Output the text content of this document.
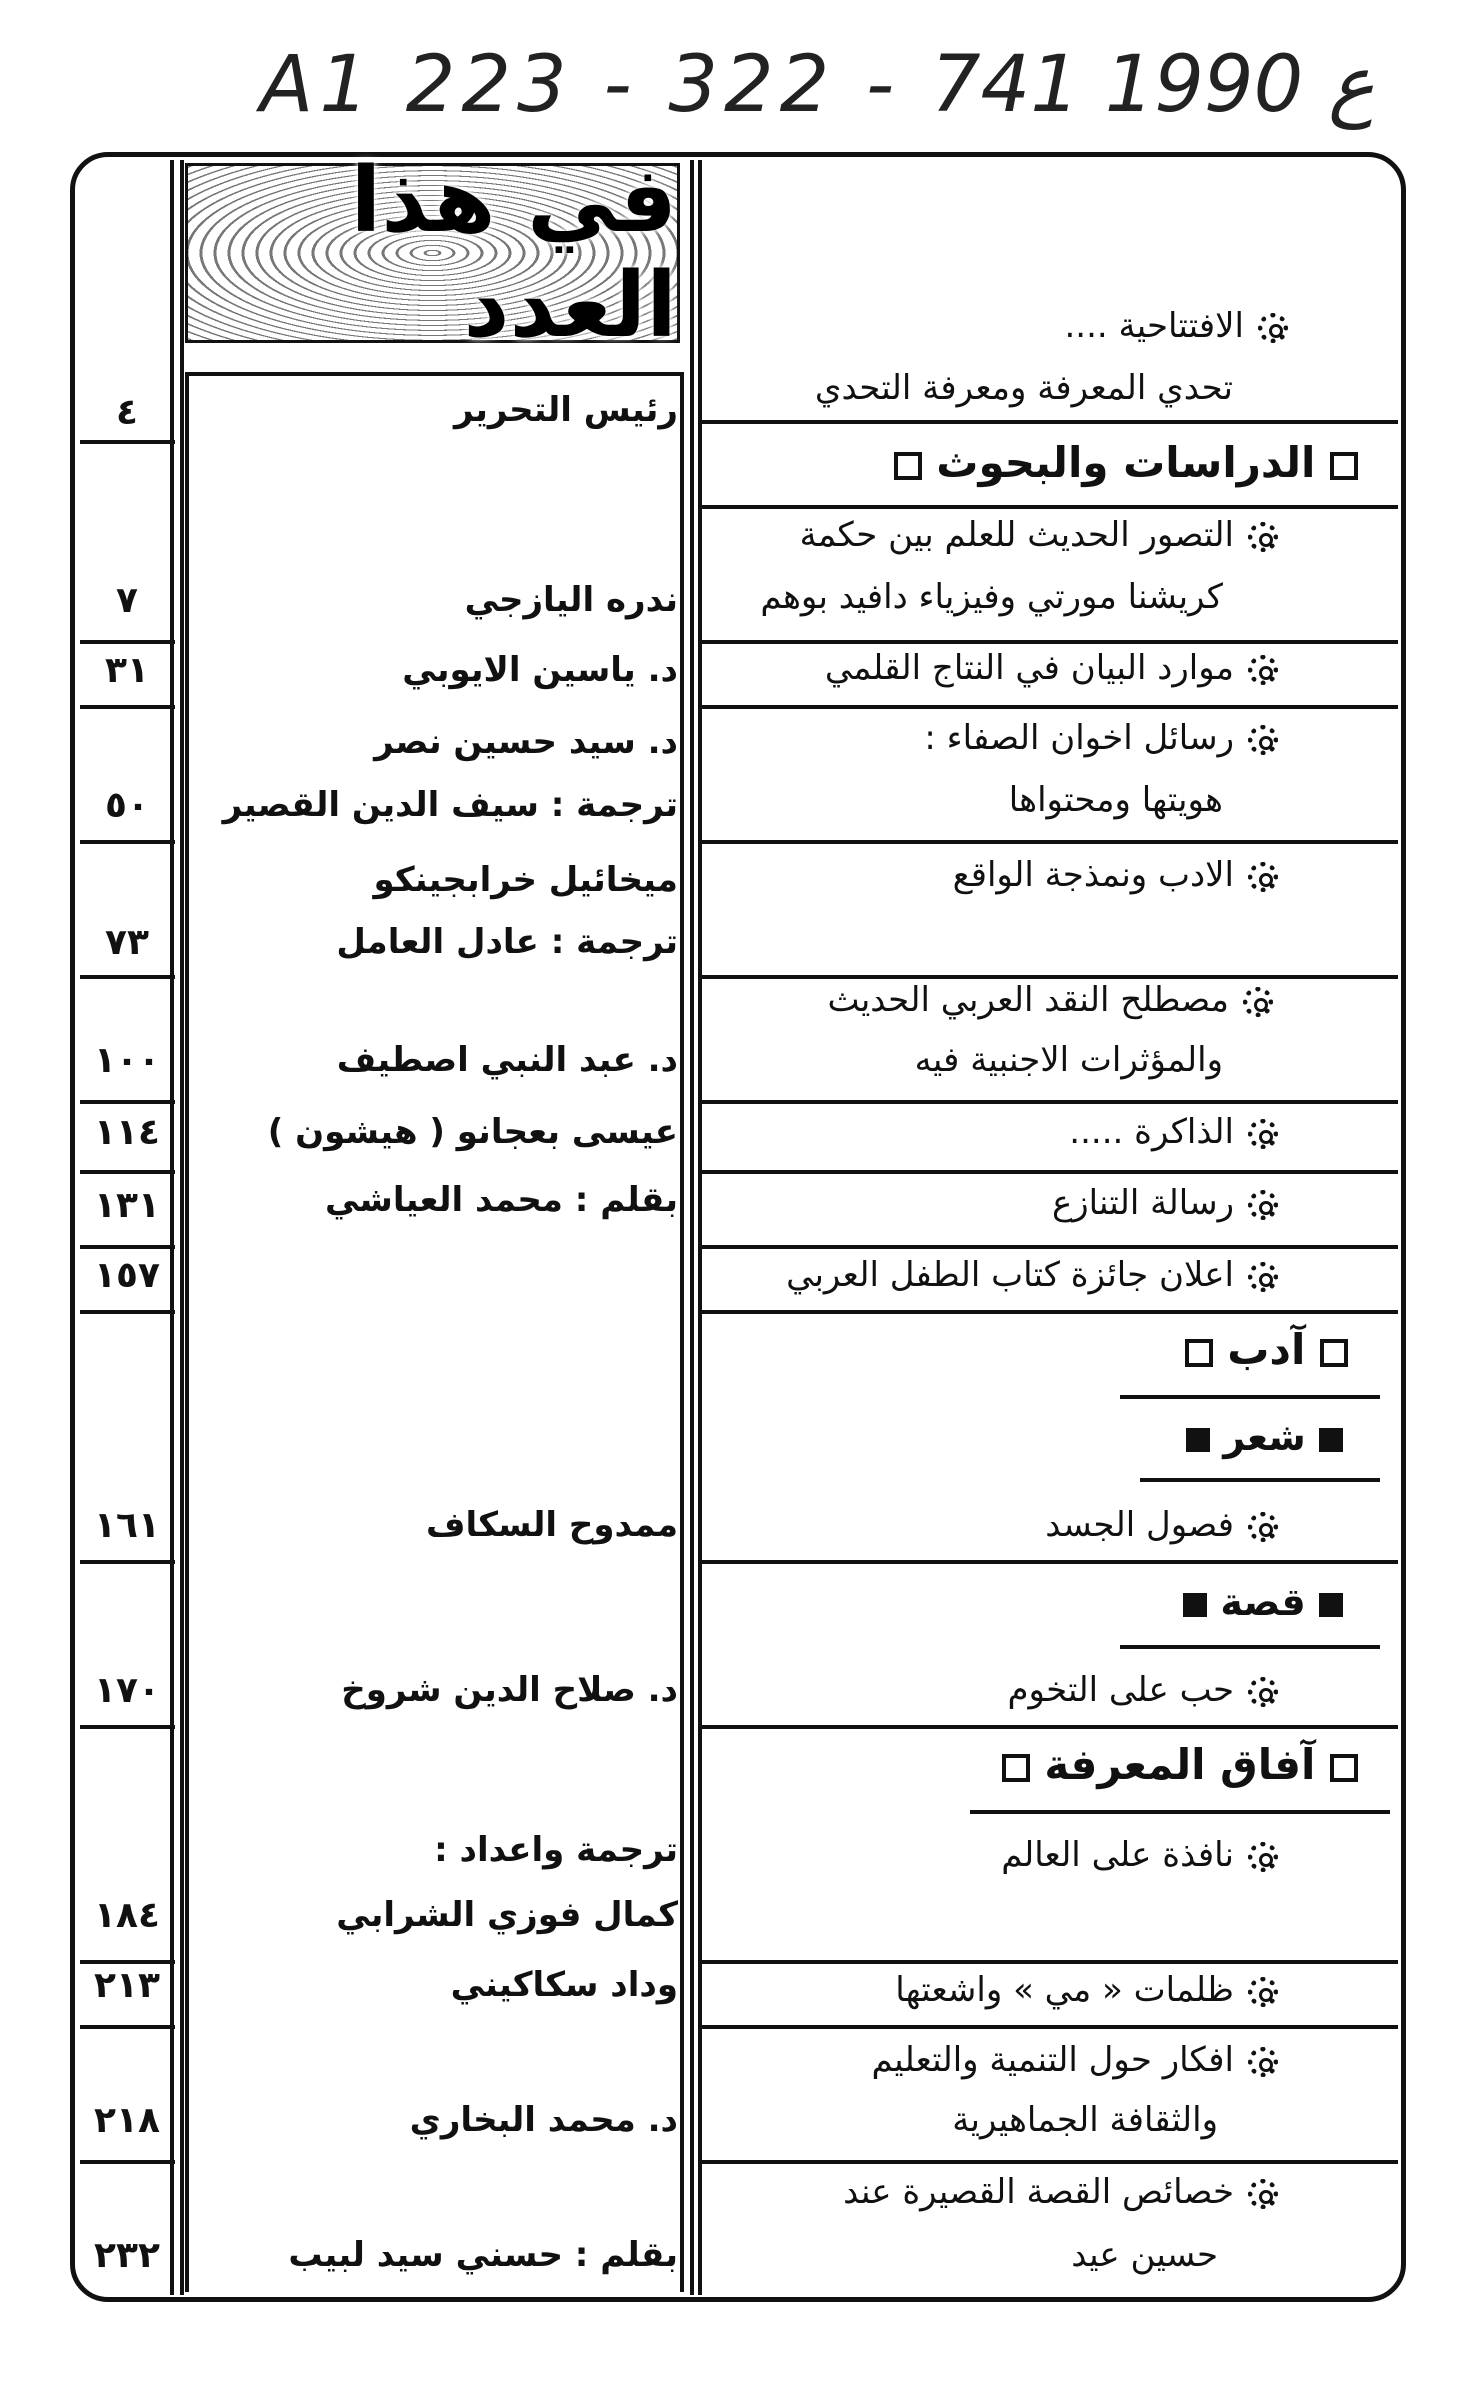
A1 223 - 322 - ع 1990 741
في هذا العدد
رئيس التحرير
الدراسات والبحوث
آدب
شعر
قصة
آفاق المعرفة
الافتتاحية ....
تحدي المعرفة ومعرفة التحدي
التصور الحديث للعلم بين حكمة
كريشنا مورتي وفيزياء دافيد بوهم
موارد البيان في النتاج القلمي
رسائل اخوان الصفاء :
هويتها ومحتواها
الادب ونمذجة الواقع
مصطلح النقد العربي الحديث
والمؤثرات الاجنبية فيه
الذاكرة .....
رسالة التنازع
اعلان جائزة كتاب الطفل العربي
فصول الجسد
حب على التخوم
نافذة على العالم
ظلمات « مي » واشعتها
افكار حول التنمية والتعليم
والثقافة الجماهيرية
خصائص القصة القصيرة عند
حسين عيد
ندره اليازجي
د. ياسين الايوبي
د. سيد حسين نصر
ترجمة : سيف الدين القصير
ميخائيل خرابجينكو
ترجمة : عادل العامل
د. عبد النبي اصطيف
عيسى بعجانو ( هيشون )
بقلم : محمد العياشي
ممدوح السكاف
د. صلاح الدين شروخ
ترجمة واعداد :
كمال فوزي الشرابي
وداد سكاكيني
د. محمد البخاري
بقلم : حسني سيد لبيب
٤
٧
٣١
٥٠
٧٣
١٠٠
١١٤
١٣١
١٥٧
١٦١
١٧٠
١٨٤
٢١٣
٢١٨
٢٣٢
